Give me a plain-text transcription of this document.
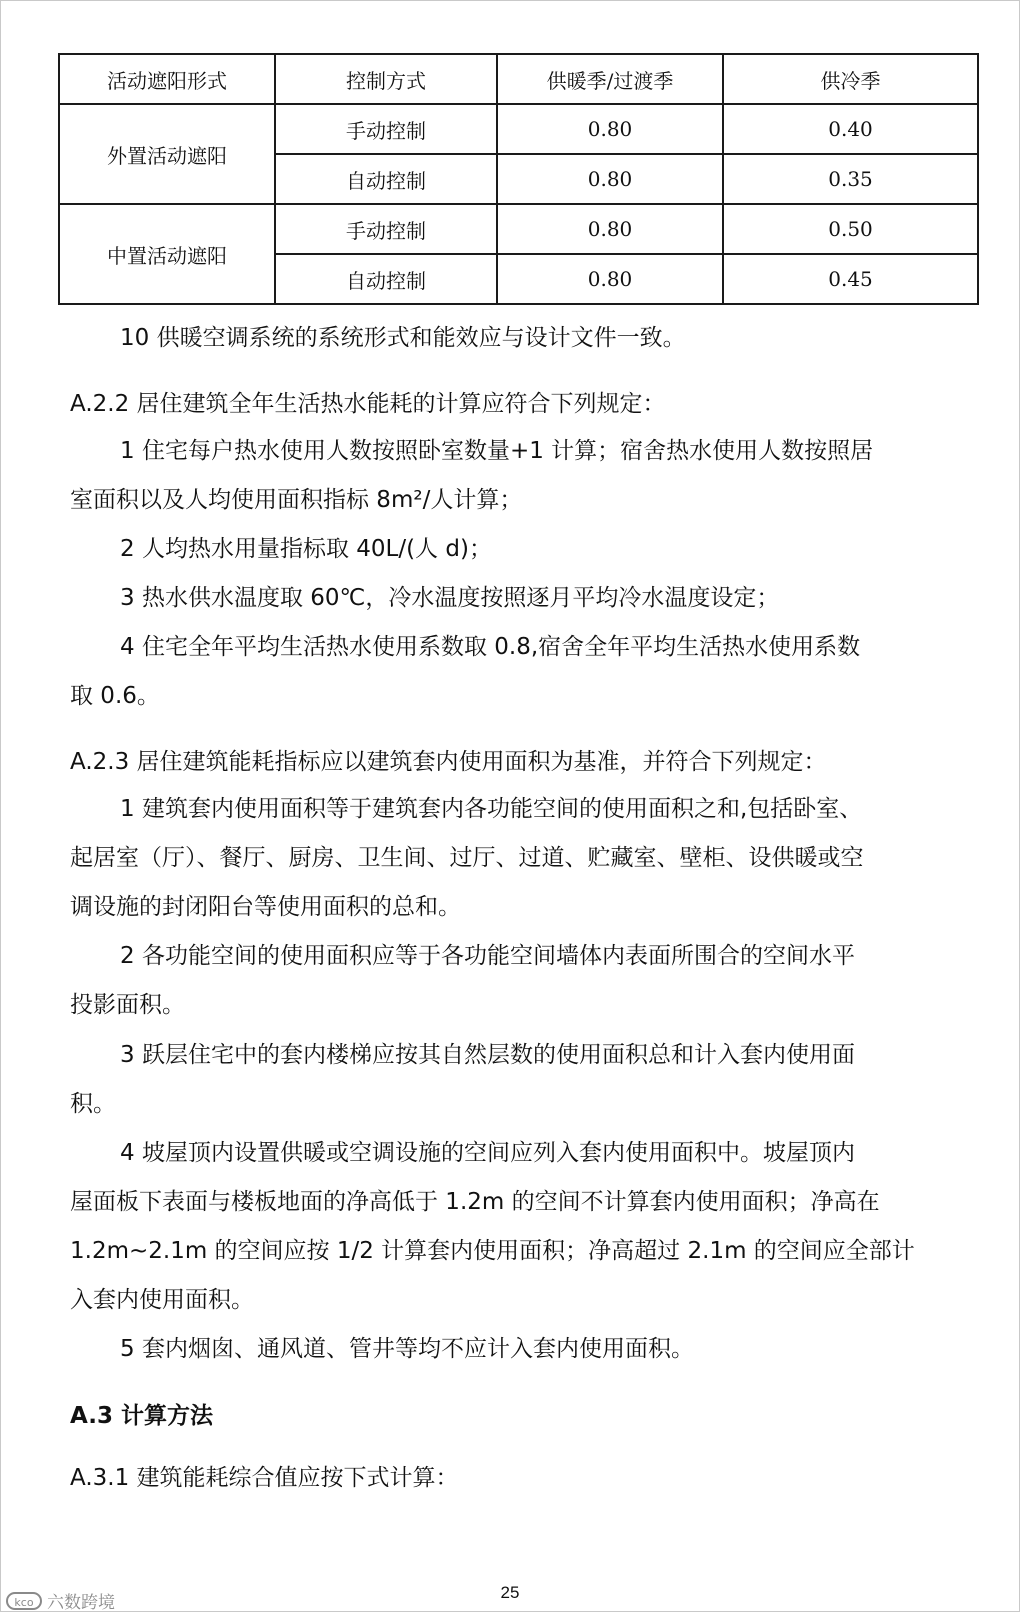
活动遮阳形式	控制方式	供暖季/过渡季	供冷季
外置活动遮阳	手动控制	0.80	0.40
	自动控制	0.80	0.35
中置活动遮阳	手动控制	0.80	0.50
	自动控制	0.80	0.45

10 供暖空调系统的系统形式和能效应与设计文件一致。

A.2.2 居住建筑全年生活热水能耗的计算应符合下列规定：

1 住宅每户热水使用人数按照卧室数量+1 计算；宿舍热水使用人数按照居

室面积以及人均使用面积指标 8m²/人计算；

2 人均热水用量指标取 40L/(人 d)；

3 热水供水温度取 60℃，冷水温度按照逐月平均冷水温度设定；

4 住宅全年平均生活热水使用系数取 0.8,宿舍全年平均生活热水使用系数

取 0.6。

A.2.3 居住建筑能耗指标应以建筑套内使用面积为基准，并符合下列规定：

1 建筑套内使用面积等于建筑套内各功能空间的使用面积之和,包括卧室、

起居室（厅）、餐厅、厨房、卫生间、过厅、过道、贮藏室、壁柜、设供暖或空

调设施的封闭阳台等使用面积的总和。

2 各功能空间的使用面积应等于各功能空间墙体内表面所围合的空间水平

投影面积。

3 跃层住宅中的套内楼梯应按其自然层数的使用面积总和计入套内使用面

积。

4 坡屋顶内设置供暖或空调设施的空间应列入套内使用面积中。坡屋顶内

屋面板下表面与楼板地面的净高低于 1.2m 的空间不计算套内使用面积；净高在

1.2m~2.1m 的空间应按 1/2 计算套内使用面积；净高超过 2.1m 的空间应全部计

入套内使用面积。

5 套内烟囱、通风道、管井等均不应计入套内使用面积。

A.3 计算方法

A.3.1 建筑能耗综合值应按下式计算：

25
kco 六数跨境
